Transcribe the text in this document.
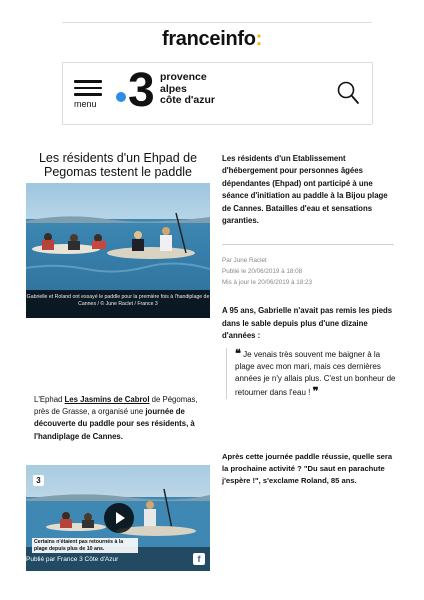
franceinfo:
menu 3 provence
alpes
côte d'azur
Les résidents d'un Ehpad de Pegomas testent le paddle
Gabrielle et Roland ont essayé le paddle pour la première fois à l'handiplage de Cannes / © June Raclet / France 3
Les résidents d'un Etablissement d'hébergement pour personnes âgées dépendantes (Ehpad) ont participé à une séance d'initiation au paddle à la Bijou plage de Cannes. Batailles d'eau et sensations garanties.
Par June Raclet
Publié le 20/06/2019 à 18:08
Mis à jour le 20/06/2019 à 18:23
A 95 ans, Gabrielle n'avait pas remis les pieds dans le sable depuis plus d'une dizaine d'années :
❝ Je venais très souvent me baigner à la plage avec mon mari, mais ces dernières années je n'y allais plus. C'est un bonheur de retourner dans l'eau ! ❞
L'Ephad Les Jasmins de Cabrol de Pégomas, près de Grasse, a organisé une journée de découverte du paddle pour ses résidents, à l'handiplage de Cannes.
3
Certains n'étaient pas retournés à la plage depuis plus de 10 ans.
Publié par France 3 Côte d'Azur	f
Après cette journée paddle réussie, quelle sera la prochaine activité ? "Du saut en parachute j'espère !", s'exclame Roland, 85 ans.
